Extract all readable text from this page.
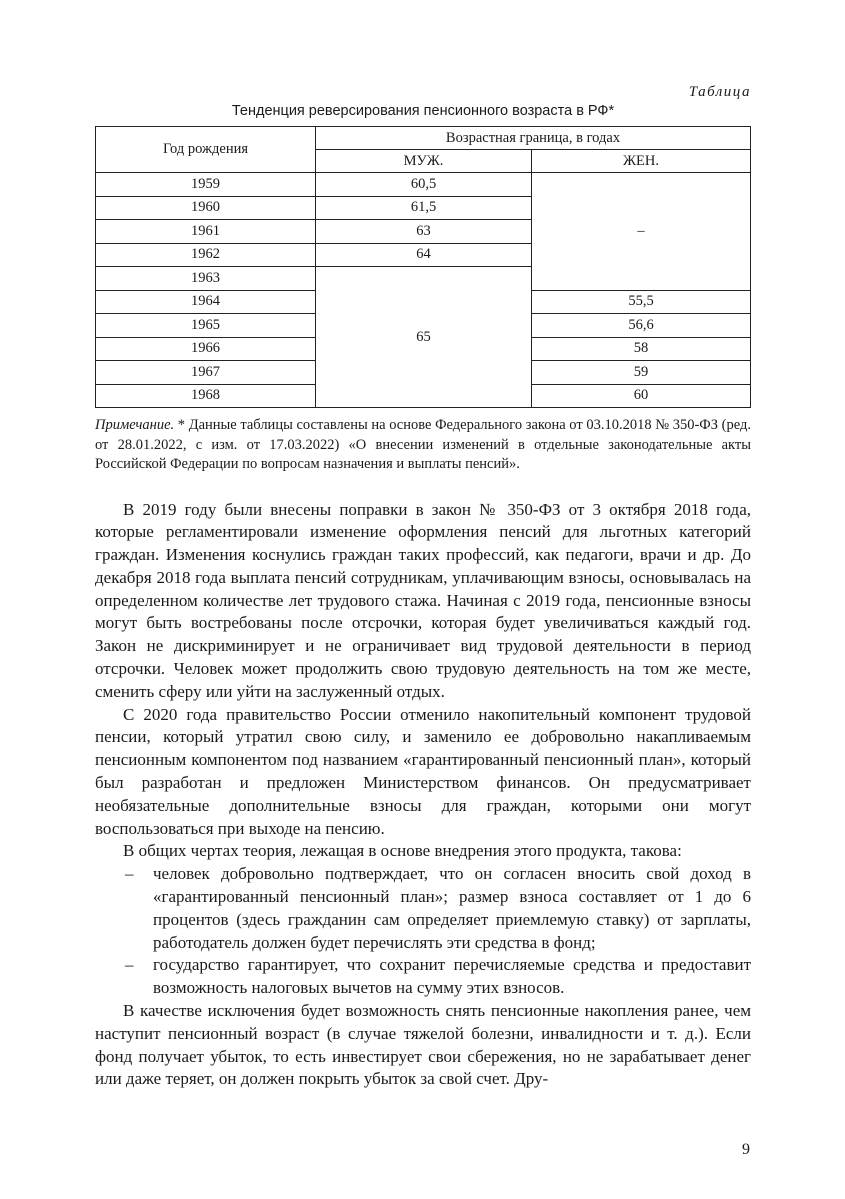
Таблица

Тенденция реверсирования пенсионного возраста в РФ*

Год рождения	Возрастная граница, в годах	
	МУЖ.	ЖЕН.
1959	60,5	–
1960	61,5	
1961	63	
1962	64	
1963	65	
1964		55,5
1965		56,6
1966		58
1967		59
1968		60

Примечание. * Данные таблицы составлены на основе Федерального закона от 03.10.2018 № 350-ФЗ (ред. от 28.01.2022, с изм. от 17.03.2022) «О внесении изменений в отдельные законодательные акты Российской Федерации по вопросам назначения и выплаты пенсий».

В 2019 году были внесены поправки в закон № 350-ФЗ от 3 октября 2018 года, которые регламентировали изменение оформления пенсий для льготных категорий граждан. Изменения коснулись граждан таких профессий, как педагоги, врачи и др. До декабря 2018 года выплата пенсий сотрудникам, уплачивающим взносы, основывалась на определенном количестве лет трудового стажа. Начиная с 2019 года, пенсионные взносы могут быть востребованы после отсрочки, которая будет увеличиваться каждый год. Закон не дискриминирует и не ограничивает вид трудовой деятельности в период отсрочки. Человек может продолжить свою трудовую деятельность на том же месте, сменить сферу или уйти на заслуженный отдых.

С 2020 года правительство России отменило накопительный компонент трудовой пенсии, который утратил свою силу, и заменило ее добровольно накапливаемым пенсионным компонентом под названием «гарантированный пенсионный план», который был разработан и предложен Министерством финансов. Он предусматривает необязательные дополнительные взносы для граждан, которыми они могут воспользоваться при выходе на пенсию.

В общих чертах теория, лежащая в основе внедрения этого продукта, такова:

– человек добровольно подтверждает, что он согласен вносить свой доход в «гарантированный пенсионный план»; размер взноса составляет от 1 до 6 процентов (здесь гражданин сам определяет приемлемую ставку) от зарплаты, работодатель должен будет перечислять эти средства в фонд;
– государство гарантирует, что сохранит перечисляемые средства и предоставит возможность налоговых вычетов на сумму этих взносов.

В качестве исключения будет возможность снять пенсионные накопления ранее, чем наступит пенсионный возраст (в случае тяжелой болезни, инвалидности и т. д.). Если фонд получает убыток, то есть инвестирует свои сбережения, но не зарабатывает денег или даже теряет, он должен покрыть убыток за свой счет. Дру-

9
